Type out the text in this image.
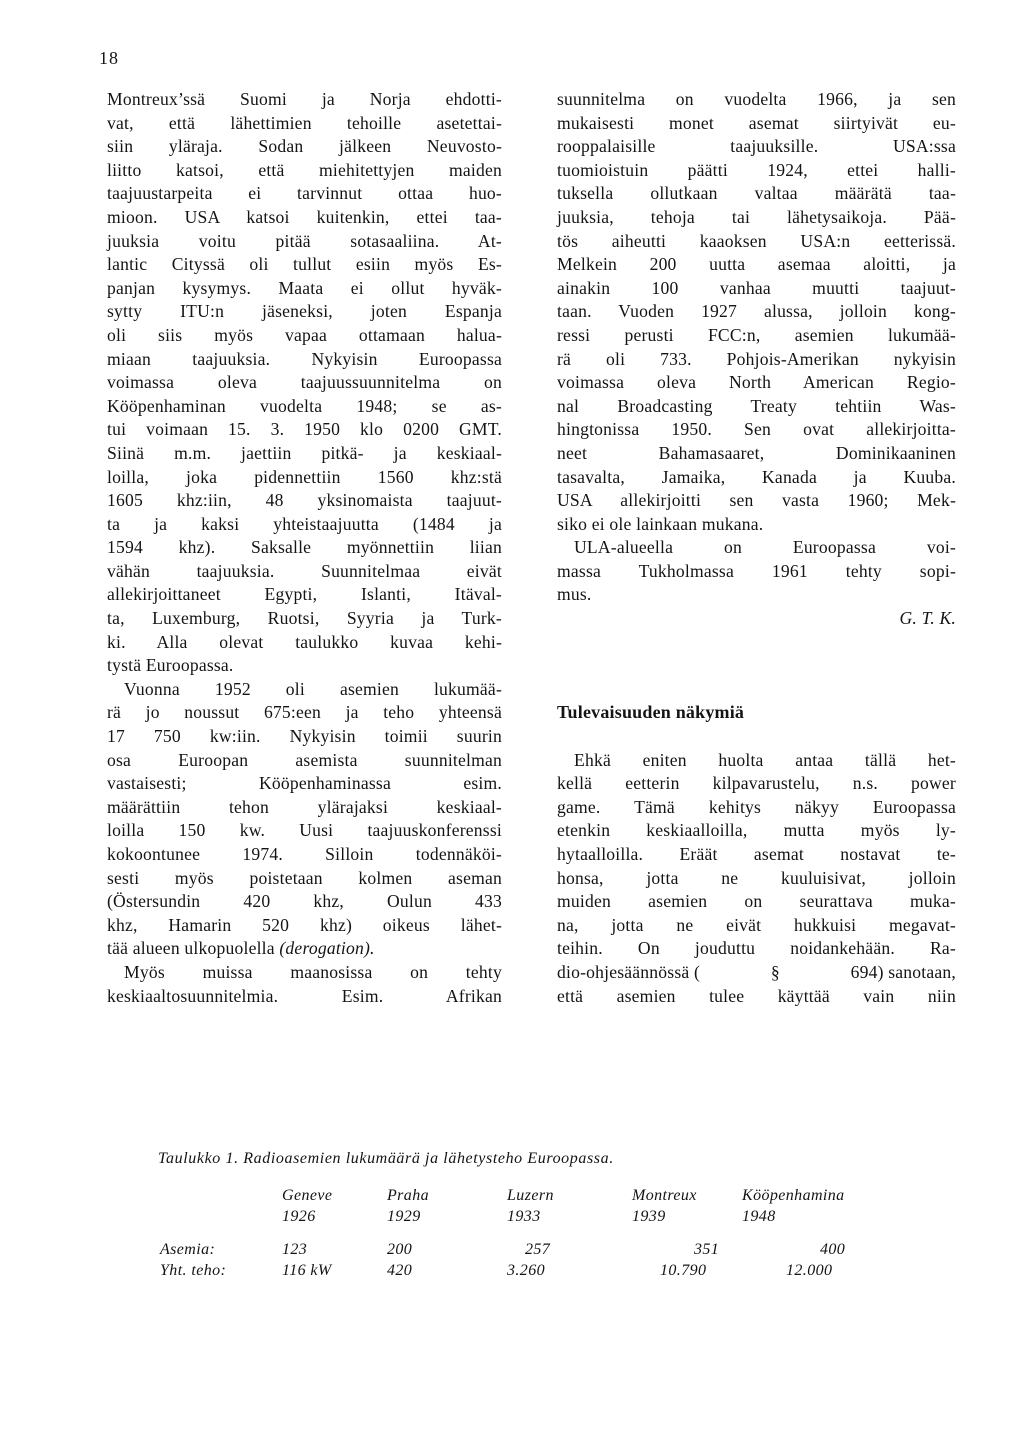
18
Montreux’ssä Suomi ja Norja ehdotti-
vat, että lähettimien tehoille asetettai-
siin yläraja. Sodan jälkeen Neuvosto-
liitto katsoi, että miehitettyjen maiden
taajuustarpeita ei tarvinnut ottaa huo-
mioon. USA katsoi kuitenkin, ettei taa-
juuksia voitu pitää sotasaaliina. At-
lantic Cityssä oli tullut esiin myös Es-
panjan kysymys. Maata ei ollut hyväk-
sytty ITU:n jäseneksi, joten Espanja
oli siis myös vapaa ottamaan halua-
miaan taajuuksia. Nykyisin Euroopassa
voimassa oleva taajuussuunnitelma on
Kööpenhaminan vuodelta 1948; se as-
tui voimaan 15. 3. 1950 klo 0200 GMT.
Siinä m.m. jaettiin pitkä- ja keskiaal-
loilla, joka pidennettiin 1560 khz:stä
1605 khz:iin, 48 yksinomaista taajuut-
ta ja kaksi yhteistaajuutta (1484 ja
1594 khz). Saksalle myönnettiin liian
vähän taajuuksia. Suunnitelmaa eivät
allekirjoittaneet Egypti, Islanti, Itäval-
ta, Luxemburg, Ruotsi, Syyria ja Turk-
ki. Alla olevat taulukko kuvaa kehi-
tystä Euroopassa.
Vuonna 1952 oli asemien lukumää-
rä jo noussut 675:een ja teho yhteensä
17 750 kw:iin. Nykyisin toimii suurin
osa Euroopan asemista suunnitelman
vastaisesti; Kööpenhaminassa esim.
määrättiin tehon ylärajaksi keskiaal-
loilla 150 kw. Uusi taajuuskonferenssi
kokoontunee 1974. Silloin todennäköi-
sesti myös poistetaan kolmen aseman
(Östersundin 420 khz, Oulun 433
khz, Hamarin 520 khz) oikeus lähet-
tää alueen ulkopuolella (derogation).
Myös muissa maanosissa on tehty
keskiaaltosuunnitelmia. Esim. Afrikan
suunnitelma on vuodelta 1966, ja sen
mukaisesti monet asemat siirtyivät eu-
rooppalaisille taajuuksille. USA:ssa
tuomioistuin päätti 1924, ettei halli-
tuksella ollutkaan valtaa määrätä taa-
juuksia, tehoja tai lähetysaikoja. Pää-
tös aiheutti kaaoksen USA:n eetterissä.
Melkein 200 uutta asemaa aloitti, ja
ainakin 100 vanhaa muutti taajuut-
taan. Vuoden 1927 alussa, jolloin kong-
ressi perusti FCC:n, asemien lukumää-
rä oli 733. Pohjois-Amerikan nykyisin
voimassa oleva North American Regio-
nal Broadcasting Treaty tehtiin Was-
hingtonissa 1950. Sen ovat allekirjoitta-
neet Bahamasaaret, Dominikaaninen
tasavalta, Jamaika, Kanada ja Kuuba.
USA allekirjoitti sen vasta 1960; Mek-
siko ei ole lainkaan mukana.
ULA-alueella on Euroopassa voi-
massa Tukholmassa 1961 tehty sopi-
mus.
G. T. K.
Tulevaisuuden näkymiä
Ehkä eniten huolta antaa tällä het-
kellä eetterin kilpavarustelu, n.s. power
game. Tämä kehitys näkyy Euroopassa
etenkin keskiaalloilla, mutta myös ly-
hytaalloilla. Eräät asemat nostavat te-
honsa, jotta ne kuuluisivat, jolloin
muiden asemien on seurattava muka-
na, jotta ne eivät hukkuisi megavat-
teihin. On jouduttu noidankehään. Ra-
dio-ohjesäännössä (	§	694) sanotaan,
että asemien tulee käyttää vain niin
Taulukko 1. Radioasemien lukumäärä ja lähetysteho Euroopassa.
	Geneve	Praha	Luzern	Montreux	Kööpenhamina
	1926	1929	1933	1939	1948
Asemia:	123	200	257	351	400
Yht. teho:	116 kW	420	3.260	10.790	12.000
